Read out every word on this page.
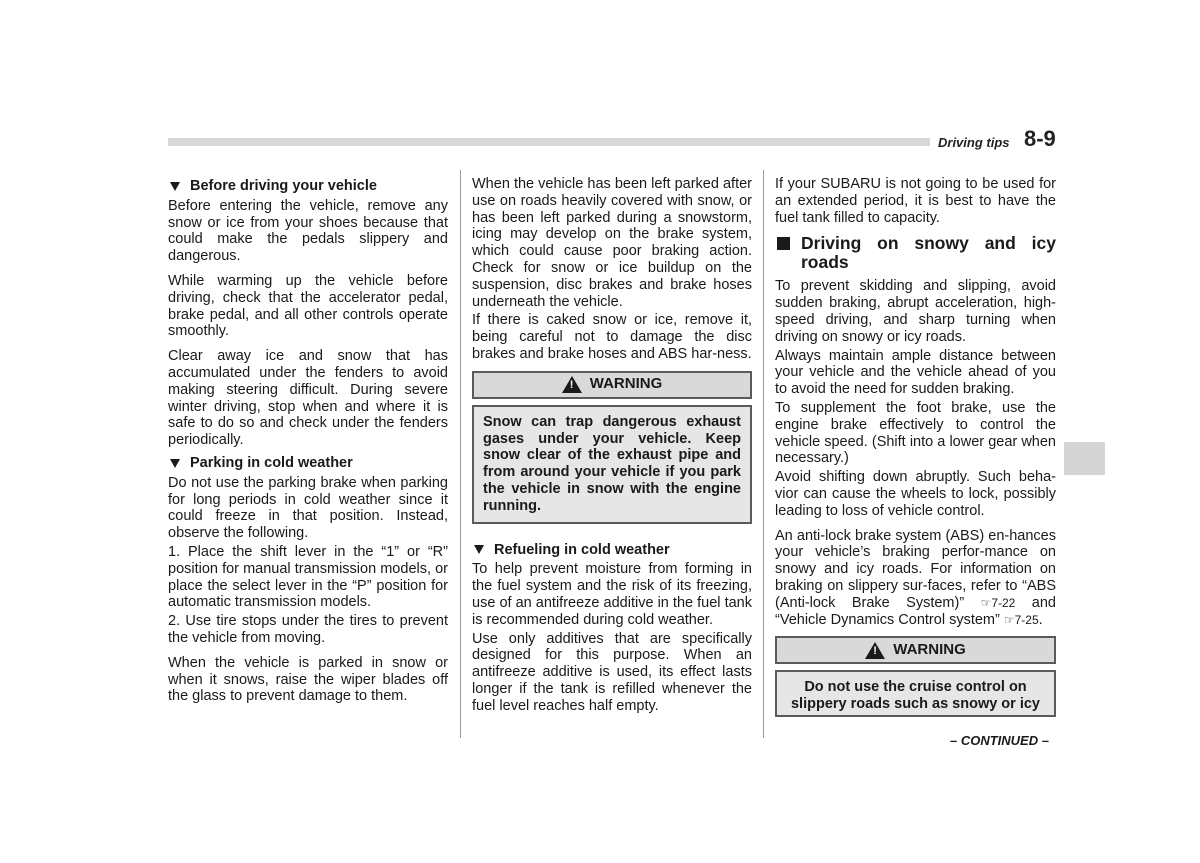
Driving tips 8-9
Before driving your vehicle

Before entering the vehicle, remove any snow or ice from your shoes because that could make the pedals slippery and dangerous.

While warming up the vehicle before driving, check that the accelerator pedal, brake pedal, and all other controls operate smoothly.

Clear away ice and snow that has accumulated under the fenders to avoid making steering difficult. During severe winter driving, stop when and where it is safe to do so and check under the fenders periodically.

Parking in cold weather

Do not use the parking brake when parking for long periods in cold weather since it could freeze in that position. Instead, observe the following.

1. Place the shift lever in the “1” or “R” position for manual transmission models, or place the select lever in the “P” position for automatic transmission models.

2. Use tire stops under the tires to prevent the vehicle from moving.

When the vehicle is parked in snow or when it snows, raise the wiper blades off the glass to prevent damage to them.

When the vehicle has been left parked after use on roads heavily covered with snow, or has been left parked during a snowstorm, icing may develop on the brake system, which could cause poor braking action. Check for snow or ice buildup on the suspension, disc brakes and brake hoses underneath the vehicle.

If there is caked snow or ice, remove it, being careful not to damage the disc brakes and brake hoses and ABS har-ness.

! WARNING
Snow can trap dangerous exhaust gases under your vehicle. Keep snow clear of the exhaust pipe and from around your vehicle if you park the vehicle in snow with the engine running.
Refueling in cold weather

To help prevent moisture from forming in the fuel system and the risk of its freezing, use of an antifreeze additive in the fuel tank is recommended during cold weather.

Use only additives that are specifically designed for this purpose. When an antifreeze additive is used, its effect lasts longer if the tank is refilled whenever the fuel level reaches half empty.

If your SUBARU is not going to be used for an extended period, it is best to have the fuel tank filled to capacity.

Driving on snowy and icy roads

To prevent skidding and slipping, avoid sudden braking, abrupt acceleration, high-speed driving, and sharp turning when driving on snowy or icy roads.

Always maintain ample distance between your vehicle and the vehicle ahead of you to avoid the need for sudden braking.

To supplement the foot brake, use the engine brake effectively to control the vehicle speed. (Shift into a lower gear when necessary.)

Avoid shifting down abruptly. Such beha-vior can cause the wheels to lock, possibly leading to loss of vehicle control.

An anti-lock brake system (ABS) en-hances your vehicle’s braking perfor-mance on snowy and icy roads. For information on braking on slippery sur-faces, refer to “ABS (Anti-lock Brake System)” ☞7-22 and “Vehicle Dynamics Control system” ☞7-25.

! WARNING
Do not use the cruise control on slippery roads such as snowy or icy
– CONTINUED –
